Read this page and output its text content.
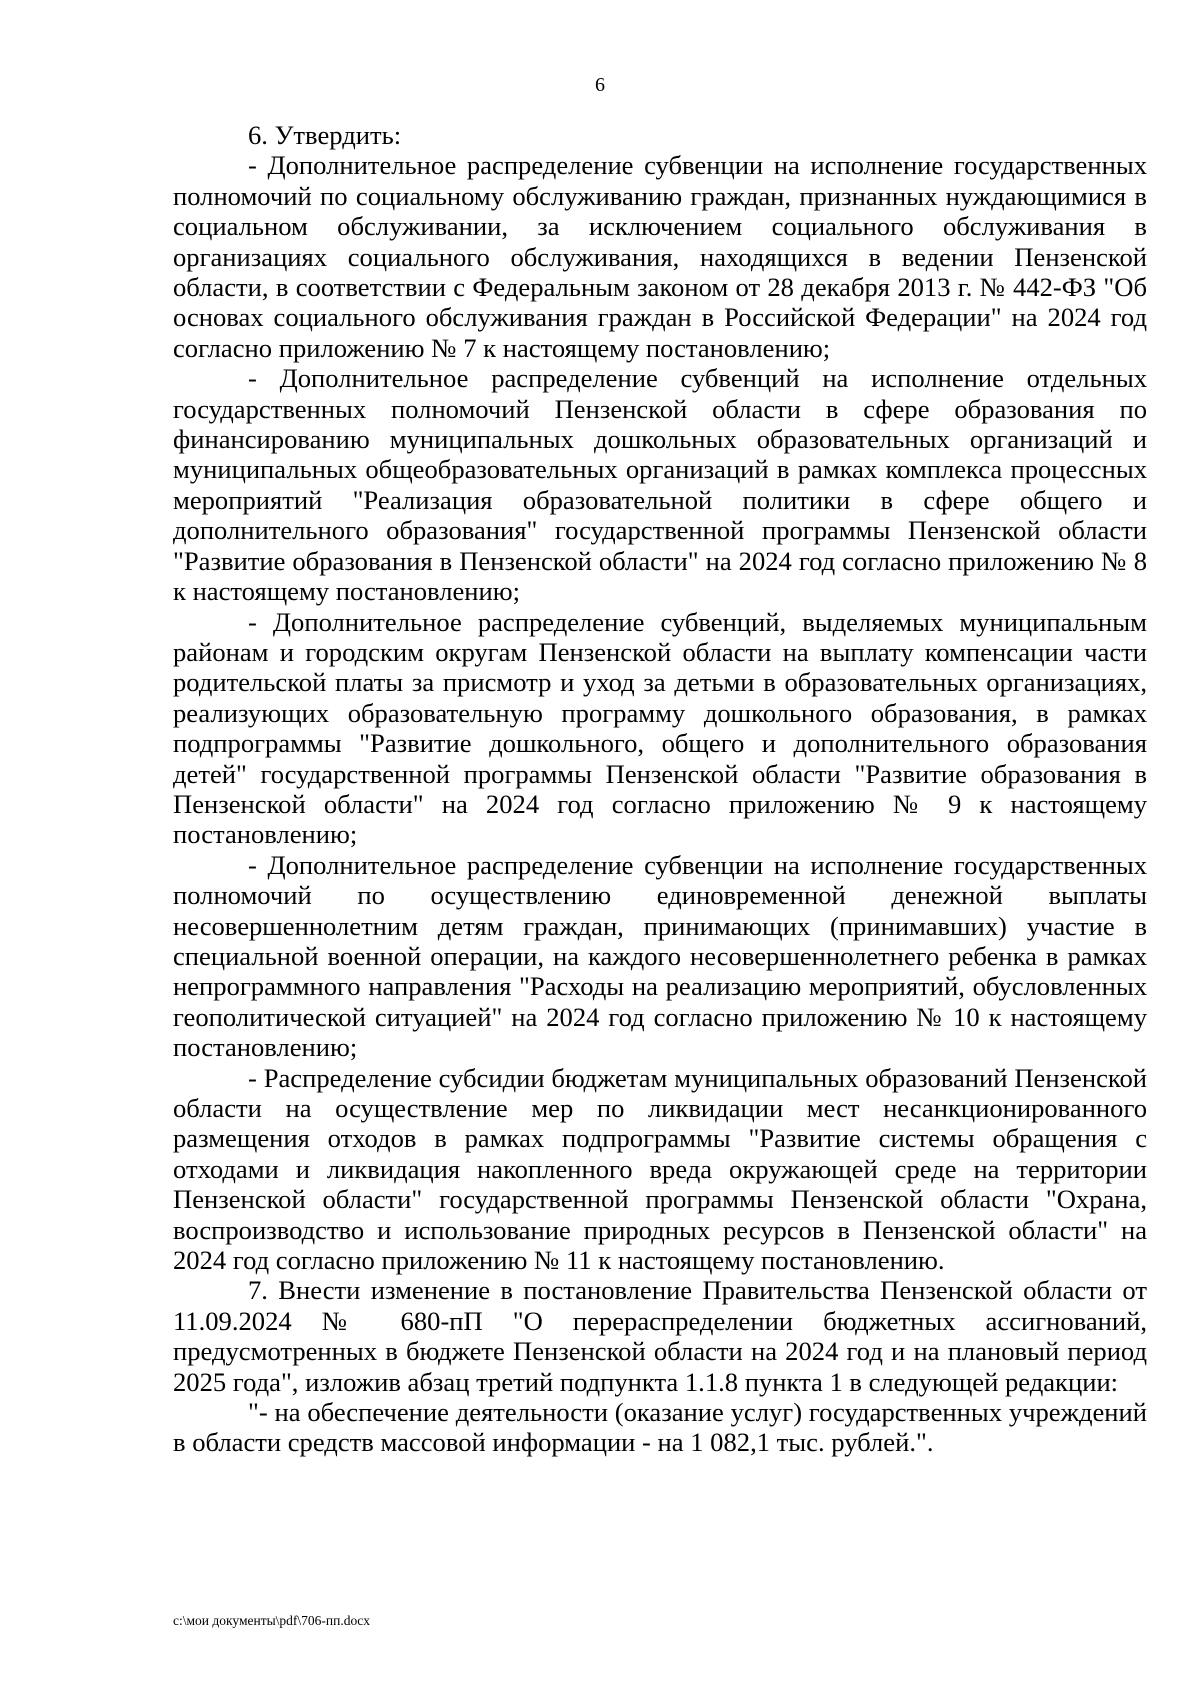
6

6. Утвердить:

- Дополнительное распределение субвенции на исполнение государственных полномочий по социальному обслуживанию граждан, признанных нуждающимися в социальном обслуживании, за исключением социального обслуживания в организациях социального обслуживания, находящихся в ведении Пензенской области, в соответствии с Федеральным законом от 28 декабря 2013 г. № 442-ФЗ "Об основах социального обслуживания граждан в Российской Федерации" на 2024 год согласно приложению № 7 к настоящему постановлению;

- Дополнительное распределение субвенций на исполнение отдельных государственных полномочий Пензенской области в сфере образования по финансированию муниципальных дошкольных образовательных организаций и муниципальных общеобразовательных организаций в рамках комплекса процессных мероприятий "Реализация образовательной политики в сфере общего и дополнительного образования" государственной программы Пензенской области "Развитие образования в Пензенской области" на 2024 год согласно приложению № 8 к настоящему постановлению;

- Дополнительное распределение субвенций, выделяемых муниципальным районам и городским округам Пензенской области на выплату компенсации части родительской платы за присмотр и уход за детьми в образовательных организациях, реализующих образовательную программу дошкольного образования, в рамках подпрограммы "Развитие дошкольного, общего и дополнительного образования детей" государственной программы Пензенской области "Развитие образования в Пензенской области" на 2024 год согласно приложению № 9 к настоящему постановлению;

- Дополнительное распределение субвенции на исполнение государственных полномочий по осуществлению единовременной денежной выплаты несовершеннолетним детям граждан, принимающих (принимавших) участие в специальной военной операции, на каждого несовершеннолетнего ребенка в рамках непрограммного направления "Расходы на реализацию мероприятий, обусловленных геополитической ситуацией" на 2024 год согласно приложению № 10 к настоящему постановлению;

- Распределение субсидии бюджетам муниципальных образований Пензенской области на осуществление мер по ликвидации мест несанкционированного размещения отходов в рамках подпрограммы "Развитие системы обращения с отходами и ликвидация накопленного вреда окружающей среде на территории Пензенской области" государственной программы Пензенской области "Охрана, воспроизводство и использование природных ресурсов в Пензенской области" на 2024 год согласно приложению № 11 к настоящему постановлению.

7. Внести изменение в постановление Правительства Пензенской области от 11.09.2024 № 680-пП "О перераспределении бюджетных ассигнований, предусмотренных в бюджете Пензенской области на 2024 год и на плановый период 2025 года", изложив абзац третий подпункта 1.1.8 пункта 1 в следующей редакции:

"- на обеспечение деятельности (оказание услуг) государственных учреждений в области средств массовой информации - на 1 082,1 тыс. рублей.".

c:\мои документы\pdf\706-пп.docx
